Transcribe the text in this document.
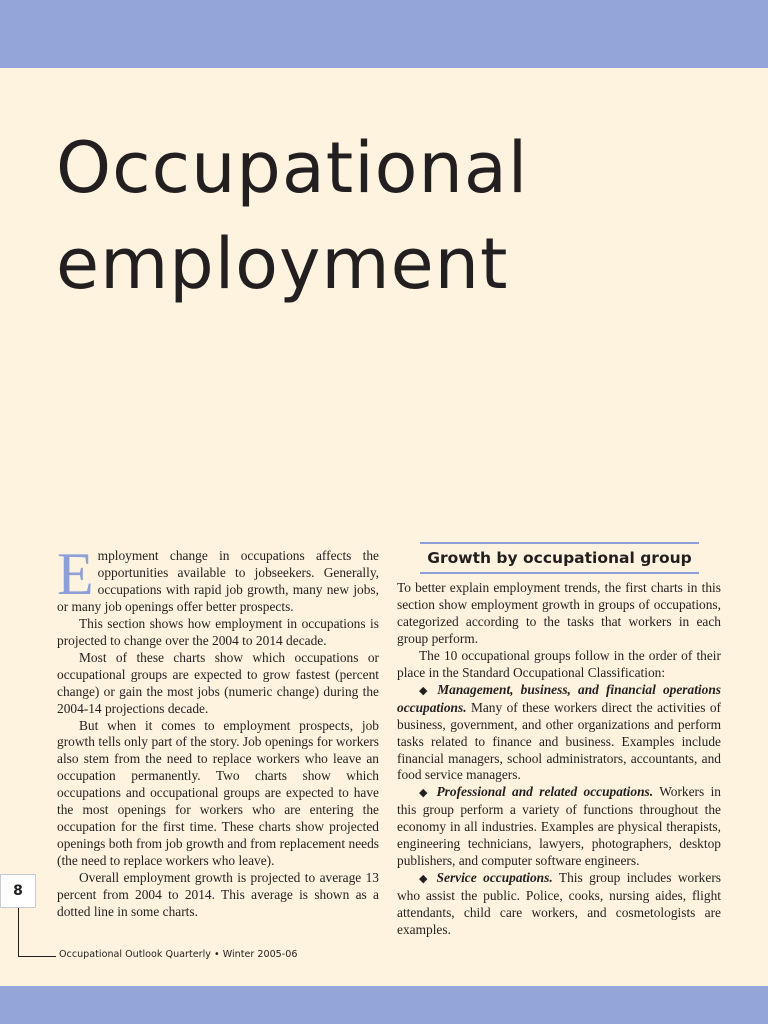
Occupational
employment

Employment change in occupations affects the opportunities available to jobseekers. Generally, occupations with rapid job growth, many new jobs, or many job openings offer better prospects.

This section shows how employment in occupations is projected to change over the 2004 to 2014 decade.

Most of these charts show which occupations or occupational groups are expected to grow fastest (percent change) or gain the most jobs (numeric change) during the 2004-14 projections decade.

But when it comes to employment prospects, job growth tells only part of the story. Job openings for workers also stem from the need to replace workers who leave an occupation permanently. Two charts show which occupations and occupational groups are expected to have the most openings for workers who are entering the occupation for the first time. These charts show projected openings both from job growth and from replacement needs (the need to replace workers who leave).

Overall employment growth is projected to average 13 percent from 2004 to 2014. This average is shown as a dotted line in some charts.

Growth by occupational group

To better explain employment trends, the first charts in this section show employment growth in groups of occupations, categorized according to the tasks that workers in each group perform.

The 10 occupational groups follow in the order of their place in the Standard Occupational Classification:

◆ Management, business, and financial operations occupations. Many of these workers direct the activities of business, government, and other organizations and perform tasks related to finance and business. Examples include financial managers, school administrators, accountants, and food service managers.

◆ Professional and related occupations. Workers in this group perform a variety of functions throughout the economy in all industries. Examples are physical therapists, engineering technicians, lawyers, photographers, desktop publishers, and computer software engineers.

◆ Service occupations. This group includes workers who assist the public. Police, cooks, nursing aides, flight attendants, child care workers, and cosmetologists are examples.

8
Occupational Outlook Quarterly • Winter 2005-06
